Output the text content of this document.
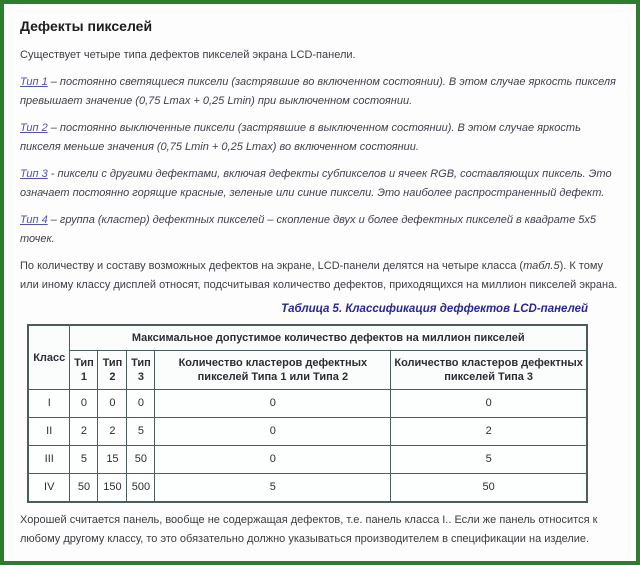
Дефекты пикселей

Существует четыре типа дефектов пикселей экрана LCD-панели.

Тип 1 – постоянно светящиеся пиксели (застрявшие во включенном состоянии). В этом случае яркость пикселя превышает значение (0,75 Lmax + 0,25 Lmin) при выключенном состоянии.

Тип 2 – постоянно выключенные пиксели (застрявшие в выключенном состоянии). В этом случае яркость пикселя меньше значения (0,75 Lmin + 0,25 Lmax) во включенном состоянии.

Тип 3 - пиксели с другими дефектами, включая дефекты субпикселов и ячеек RGB, составляющих пиксель. Это означает постоянно горящие красные, зеленые или синие пиксели. Это наиболее распространенный дефект.

Тип 4 – группа (кластер) дефектных пикселей – скопление двух и более дефектных пикселей в квадрате 5х5 точек.

По количеству и составу возможных дефектов на экране, LCD-панели делятся на четыре класса (табл.5). К тому или иному классу дисплей относят, подсчитывая количество дефектов, приходящихся на миллион пикселей экрана.

Таблица 5. Классификация деффектов LCD-панелей
Класс	Максимальное допустимое количество дефектов на миллион пикселей				
	Тип 1	Тип 2	Тип 3	Количество кластеров дефектных пикселей Типа 1 или Типа 2	Количество кластеров дефектных пикселей Типа 3
I	0	0	0	0	0
II	2	2	5	0	2
III	5	15	50	0	5
IV	50	150	500	5	50

Хорошей считается панель, вообще не содержащая дефектов, т.е. панель класса I.. Если же панель относится к любому другому классу, то это обязательно должно указываться производителем в спецификации на изделие.
